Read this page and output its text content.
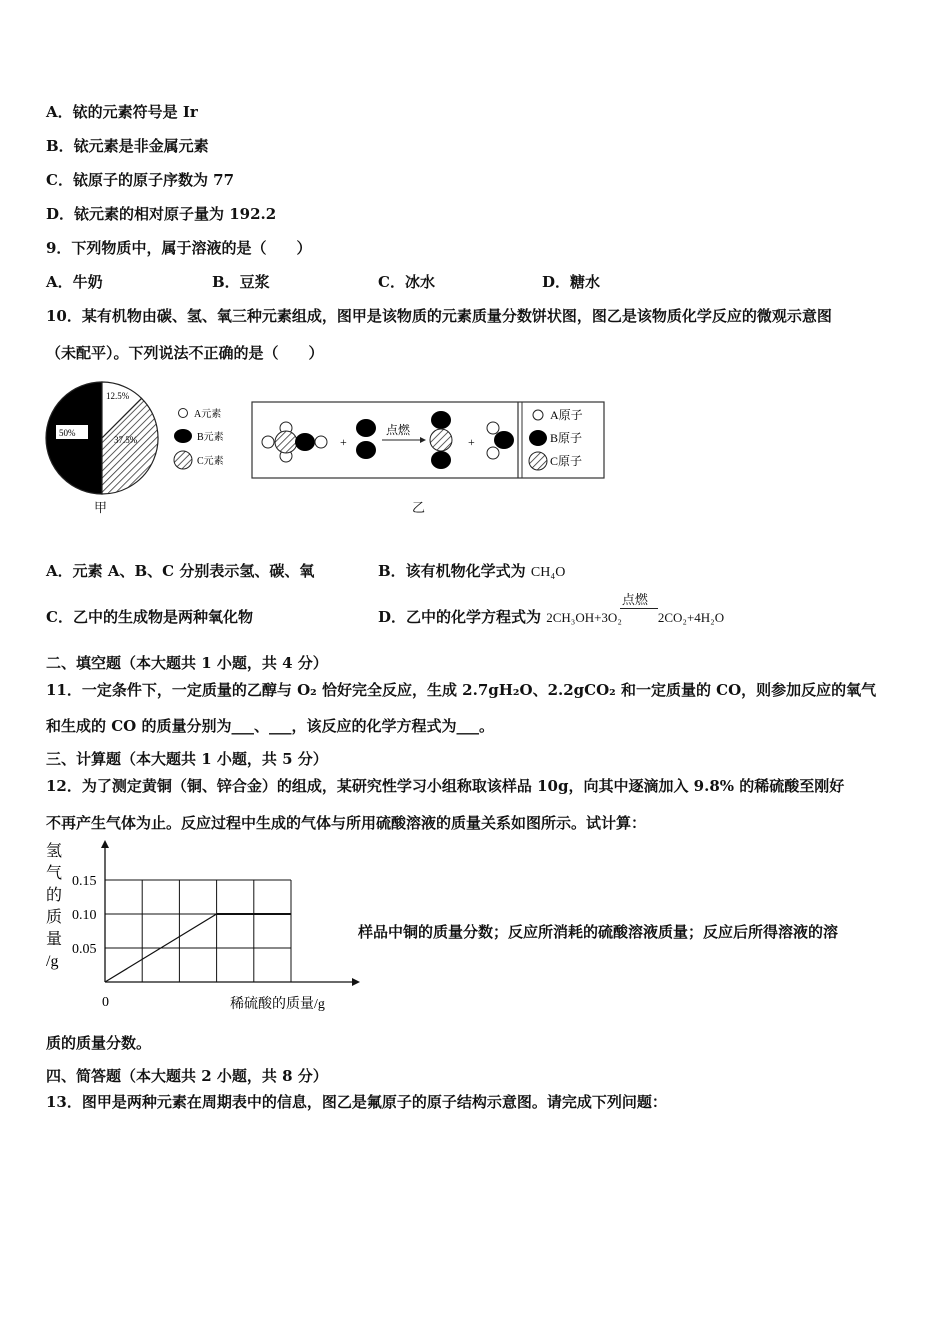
A．铱的元素符号是 Ir
B．铱元素是非金属元素
C．铱原子的原子序数为 77
D．铱元素的相对原子量为 192.2
9．下列物质中，属于溶液的是（　　）
A．牛奶	B．豆浆	C．冰水	D．糖水
10．某有机物由碳、氢、氧三种元素组成，图甲是该物质的元素质量分数饼状图，图乙是该物质化学反应的微观示意图
（未配平）。下列说法不正确的是（　　）
12.5%
50%
37.5%
A元素
B元素
C元素
甲
+
点燃
+
A原子
B原子
C原子
乙
A．元素 A、B、C 分别表示氢、碳、氧	B．该有机物化学式为 CH₄O
C．乙中的生成物是两种氧化物	D．乙中的化学方程式为 2CH₃OH+3O₂
点燃
2CO₂+4H₂O
二、填空题（本大题共 1 小题，共 4 分）
11．一定条件下，一定质量的乙醇与 O₂ 恰好完全反应，生成 2.7gH₂O、2.2gCO₂ 和一定质量的 CO，则参加反应的氧气
和生成的 CO 的质量分别为___、___，该反应的化学方程式为___。
三、计算题（本大题共 1 小题，共 5 分）
12．为了测定黄铜（铜、锌合金）的组成，某研究性学习小组称取该样品 10g，向其中逐滴加入 9.8% 的稀硫酸至刚好
不再产生气体为止。反应过程中生成的气体与所用硫酸溶液的质量关系如图所示。试计算：
0.15
0.10
0.05
氢
气
的
质
量
/g
0	稀硫酸的质量/g
样品中铜的质量分数；反应所消耗的硫酸溶液质量；反应后所得溶液的溶
质的质量分数。
四、简答题（本大题共 2 小题，共 8 分）
13．图甲是两种元素在周期表中的信息，图乙是氟原子的原子结构示意图。请完成下列问题：
